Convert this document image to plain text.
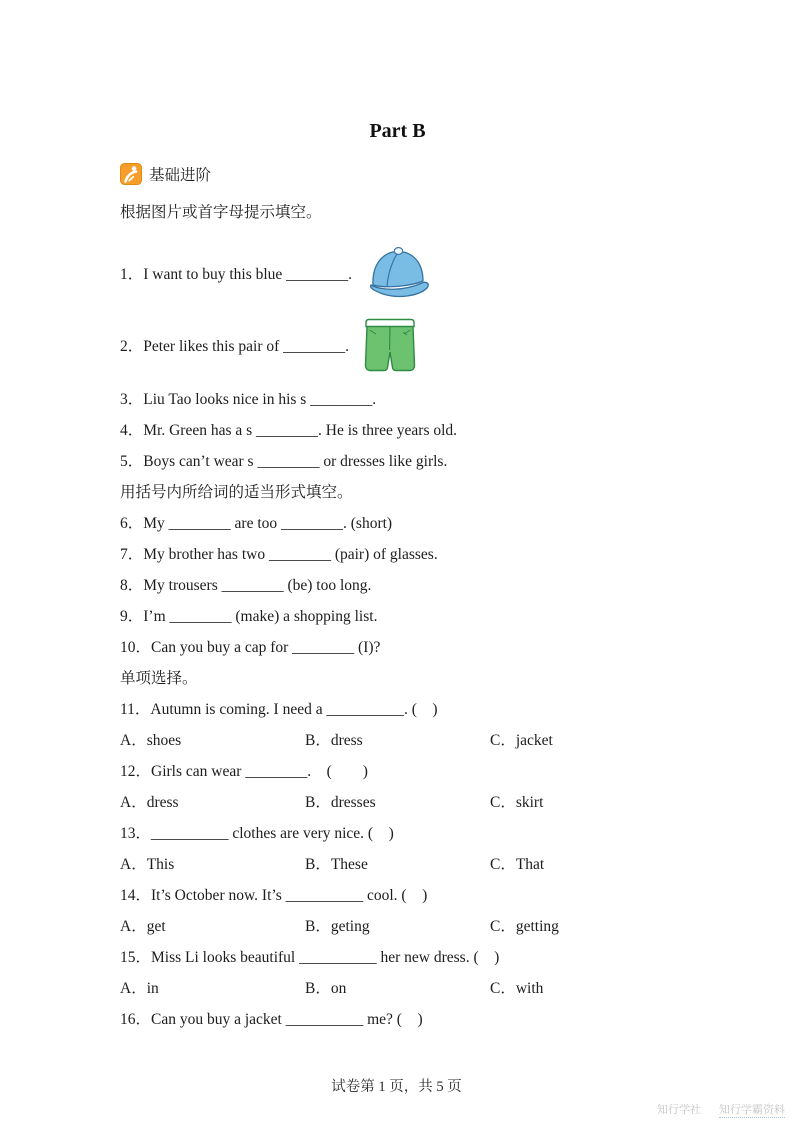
Part B
基础进阶
根据图片或首字母提示填空。
1．I want to buy this blue ________.
2．Peter likes this pair of ________.
3．Liu Tao looks nice in his s ________.
4．Mr. Green has a s ________. He is three years old.
5．Boys can’t wear s ________ or dresses like girls.
用括号内所给词的适当形式填空。
6．My ________ are too ________. (short)
7．My brother has two ________ (pair) of glasses.
8．My trousers ________ (be) too long.
9．I’m ________ (make) a shopping list.
10．Can you buy a cap for ________ (I)?
单项选择。
11．Autumn is coming. I need a __________. (　)
A．shoes	B．dress	C．jacket
12．Girls can wear ________.　(　　)
A．dress	B．dresses	C．skirt
13．__________ clothes are very nice. (　)
A．This	B．These	C．That
14．It’s October now. It’s __________ cool. (　)
A．get	B．geting	C．getting
15．Miss Li looks beautiful __________ her new dress. (　)
A．in	B．on	C．with
16．Can you buy a jacket __________ me? (　)
试卷第 1 页，共 5 页
知行学社 知行学霸资料
